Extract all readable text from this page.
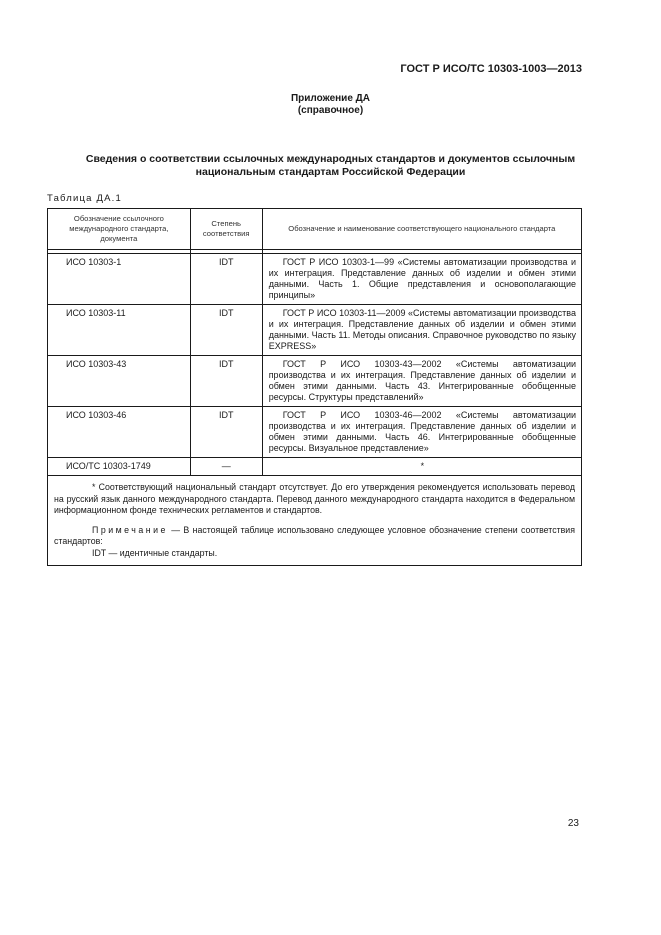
ГОСТ Р ИСО/ТС 10303-1003—2013
Приложение ДА
(справочное)
Сведения о соответствии ссылочных международных стандартов и документов ссылочным
национальным стандартам Российской Федерации
Таблица ДА.1
Обозначение ссылочного международного стандарта, документа	Степень соответствия	Обозначение и наименование соответствующего национального стандарта

ИСО 10303-1	IDT	ГОСТ Р ИСО 10303-1—99 «Системы автоматизации производства и их интеграция. Представление данных об изделии и обмен этими данными. Часть 1. Общие представления и основополагающие принципы»
ИСО 10303-11	IDT	ГОСТ Р ИСО 10303-11—2009 «Системы автоматизации производства и их интеграция. Представление данных об изделии и обмен этими данными. Часть 11. Методы описания. Справочное руководство по языку EXPRESS»
ИСО 10303-43	IDT	ГОСТ Р ИСО 10303-43—2002 «Системы автоматизации производства и их интеграция. Представление данных об изделии и обмен этими данными. Часть 43. Интегрированные обобщенные ресурсы. Структуры представлений»
ИСО 10303-46	IDT	ГОСТ Р ИСО 10303-46—2002 «Системы автоматизации производства и их интеграция. Представление данных об изделии и обмен этими данными. Часть 46. Интегрированные обобщенные ресурсы. Визуальное представление»
ИСО/ТС 10303-1749	—	*

* Соответствующий национальный стандарт отсутствует. До его утверждения рекомендуется использовать перевод на русский язык данного международного стандарта. Перевод данного международного стандарта находится в Федеральном информационном фонде технических регламентов и стандартов.

Примечание — В настоящей таблице использовано следующее условное обозначение степени соответствия стандартов:

IDT — идентичные стандарты.		

23
